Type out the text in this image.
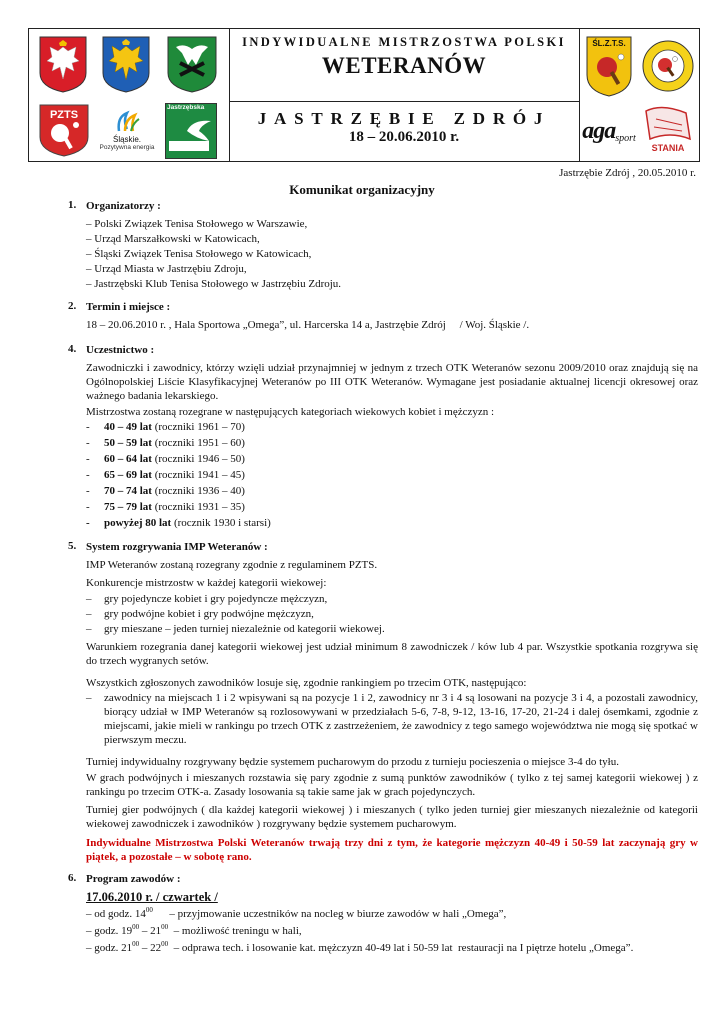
PZTS
Śląskie.
Pozytywna energia
Jastrzębska
INDYWIDUALNE MISTRZOSTWA POLSKI
WETERANÓW
JASTRZĘBIE ZDRÓJ
18 – 20.06.2010 r.
ŚL.Z.T.S.
aga sport
STANIA
Jastrzębie Zdrój , 20.05.2010 r.
Komunikat organizacyjny
1. Organizatorzy :
– Polski Związek Tenisa Stołowego w Warszawie,
– Urząd Marszałkowski w Katowicach,
– Śląski Związek Tenisa Stołowego w Katowicach,
– Urząd Miasta w Jastrzębiu Zdroju,
– Jastrzębski Klub Tenisa Stołowego w Jastrzębiu Zdroju.
2. Termin i miejsce :
18 – 20.06.2010 r. , Hala Sportowa „Omega”, ul. Harcerska 14 a, Jastrzębie Zdrój     / Woj. Śląskie /.
4. Uczestnictwo :
Zawodniczki i zawodnicy, którzy wzięli udział przynajmniej w jednym z trzech OTK Weteranów sezonu 2009/2010 oraz znajdują się na Ogólnopolskiej Liście Klasyfikacyjnej Weteranów po III OTK Weteranów. Wymagane jest posiadanie aktualnej licencji okresowej oraz ważnego badania lekarskiego.
Mistrzostwa zostaną rozegrane w następujących kategoriach wiekowych kobiet i mężczyzn :
- 40 – 49 lat (roczniki 1961 – 70)
- 50 – 59 lat (roczniki 1951 – 60)
- 60 – 64 lat (roczniki 1946 – 50)
- 65 – 69 lat (roczniki 1941 – 45)
- 70 – 74 lat (roczniki 1936 – 40)
- 75 – 79 lat (roczniki 1931 – 35)
- powyżej 80 lat (rocznik 1930 i starsi)
5. System rozgrywania IMP Weteranów :
IMP Weteranów zostaną rozegrany zgodnie z regulaminem PZTS.
Konkurencje mistrzostw w każdej kategorii wiekowej:
– gry pojedyncze kobiet i gry pojedyncze mężczyzn,
– gry podwójne kobiet i gry podwójne mężczyzn,
– gry mieszane – jeden turniej niezależnie od kategorii wiekowej.
Warunkiem rozegrania danej kategorii wiekowej jest udział minimum 8 zawodniczek / ków lub 4 par. Wszystkie spotkania rozgrywa się do trzech wygranych setów.
Wszystkich zgłoszonych zawodników losuje się, zgodnie rankingiem po trzecim OTK, następująco:
– zawodnicy na miejscach 1 i 2 wpisywani są na pozycje 1 i 2, zawodnicy nr 3 i 4 są losowani na pozycje 3 i 4, a pozostali zawodnicy, biorący udział w IMP Weteranów są rozlosowywani w przedziałach 5-6, 7-8, 9-12, 13-16, 17-20, 21-24 i dalej ósemkami, zgodnie z miejscami, jakie mieli w rankingu po trzech OTK z zastrzeżeniem, że zawodnicy z tego samego województwa nie mogą się spotkać w pierwszym meczu.
Turniej indywidualny rozgrywany będzie systemem pucharowym do przodu z turnieju pocieszenia o miejsce 3-4 do tyłu.
W grach podwójnych i mieszanych rozstawia się pary zgodnie z sumą punktów zawodników ( tylko z tej samej kategorii wiekowej ) z rankingu po trzecim OTK-a. Zasady losowania są takie same jak w grach pojedynczych.
Turniej gier podwójnych ( dla każdej kategorii wiekowej ) i mieszanych ( tylko jeden turniej gier mieszanych niezależnie od kategorii wiekowej zawodniczek i zawodników ) rozgrywany będzie systemem pucharowym.
Indywidualne Mistrzostwa Polski Weteranów trwają trzy dni z tym, że kategorie mężczyzn 40-49 i 50-59 lat zaczynają gry w piątek, a pozostałe – w sobotę rano.
6. Program zawodów :
17.06.2010 r. / czwartek /
– od godz. $14^{00}$      – przyjmowanie uczestników na nocleg w biurze zawodów w hali „Omega”,
– godz. $19^{00} - 21^{00}$  – możliwość treningu w hali,
– godz. $21^{00} - 22^{00}$  – odprawa tech. i losowanie kat. mężczyzn 40-49 lat i 50-59 lat  restauracji na I piętrze hotelu „Omega”.
